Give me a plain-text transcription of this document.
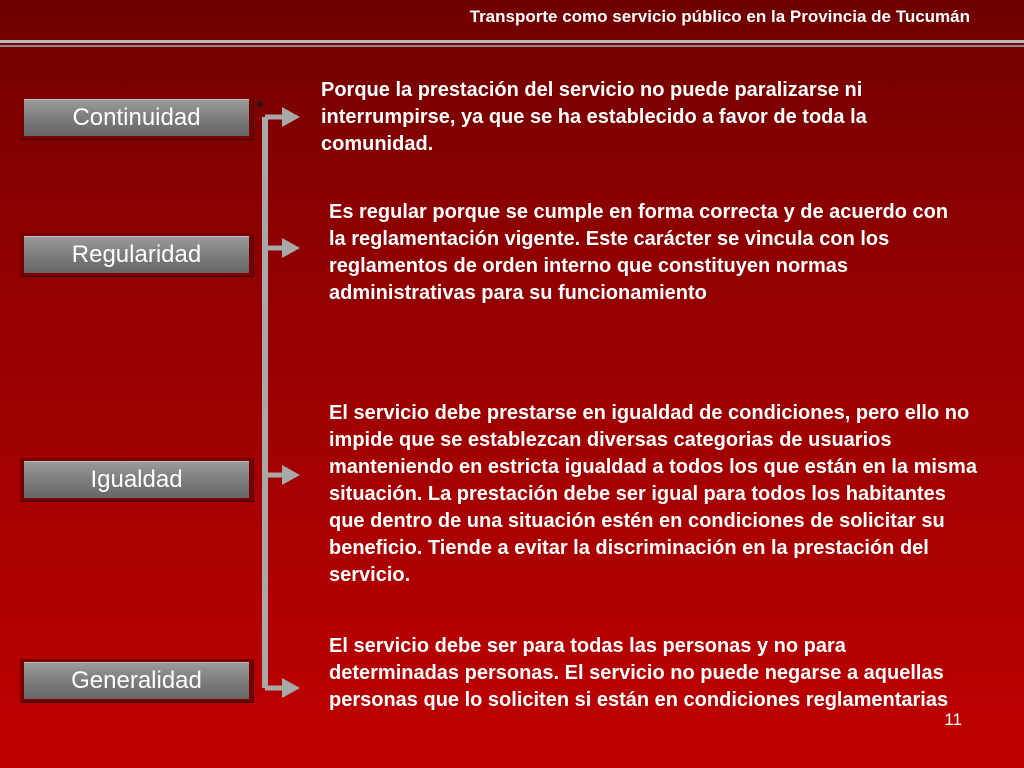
Transporte como servicio público en la Provincia de Tucumán
Continuidad
Regularidad
Igualdad
Generalidad
Porque la prestación del servicio no puede paralizarse ni interrumpirse, ya que se ha establecido a favor de toda la comunidad.
Es regular porque se cumple en forma correcta y de acuerdo con la reglamentación vigente. Este carácter se vincula con los reglamentos de orden interno que constituyen normas administrativas para su funcionamiento
El servicio debe prestarse en igualdad de condiciones, pero ello no impide que se establezcan diversas categorias de usuarios manteniendo en estricta igualdad a todos los que están en la misma situación. La prestación debe ser igual para todos los habitantes que dentro de una situación estén en condiciones de solicitar su beneficio. Tiende a evitar la discriminación en la prestación del servicio.
El servicio debe ser para todas las personas y no para determinadas personas. El servicio no puede negarse a aquellas personas que lo soliciten si están en condiciones reglamentarias
11
